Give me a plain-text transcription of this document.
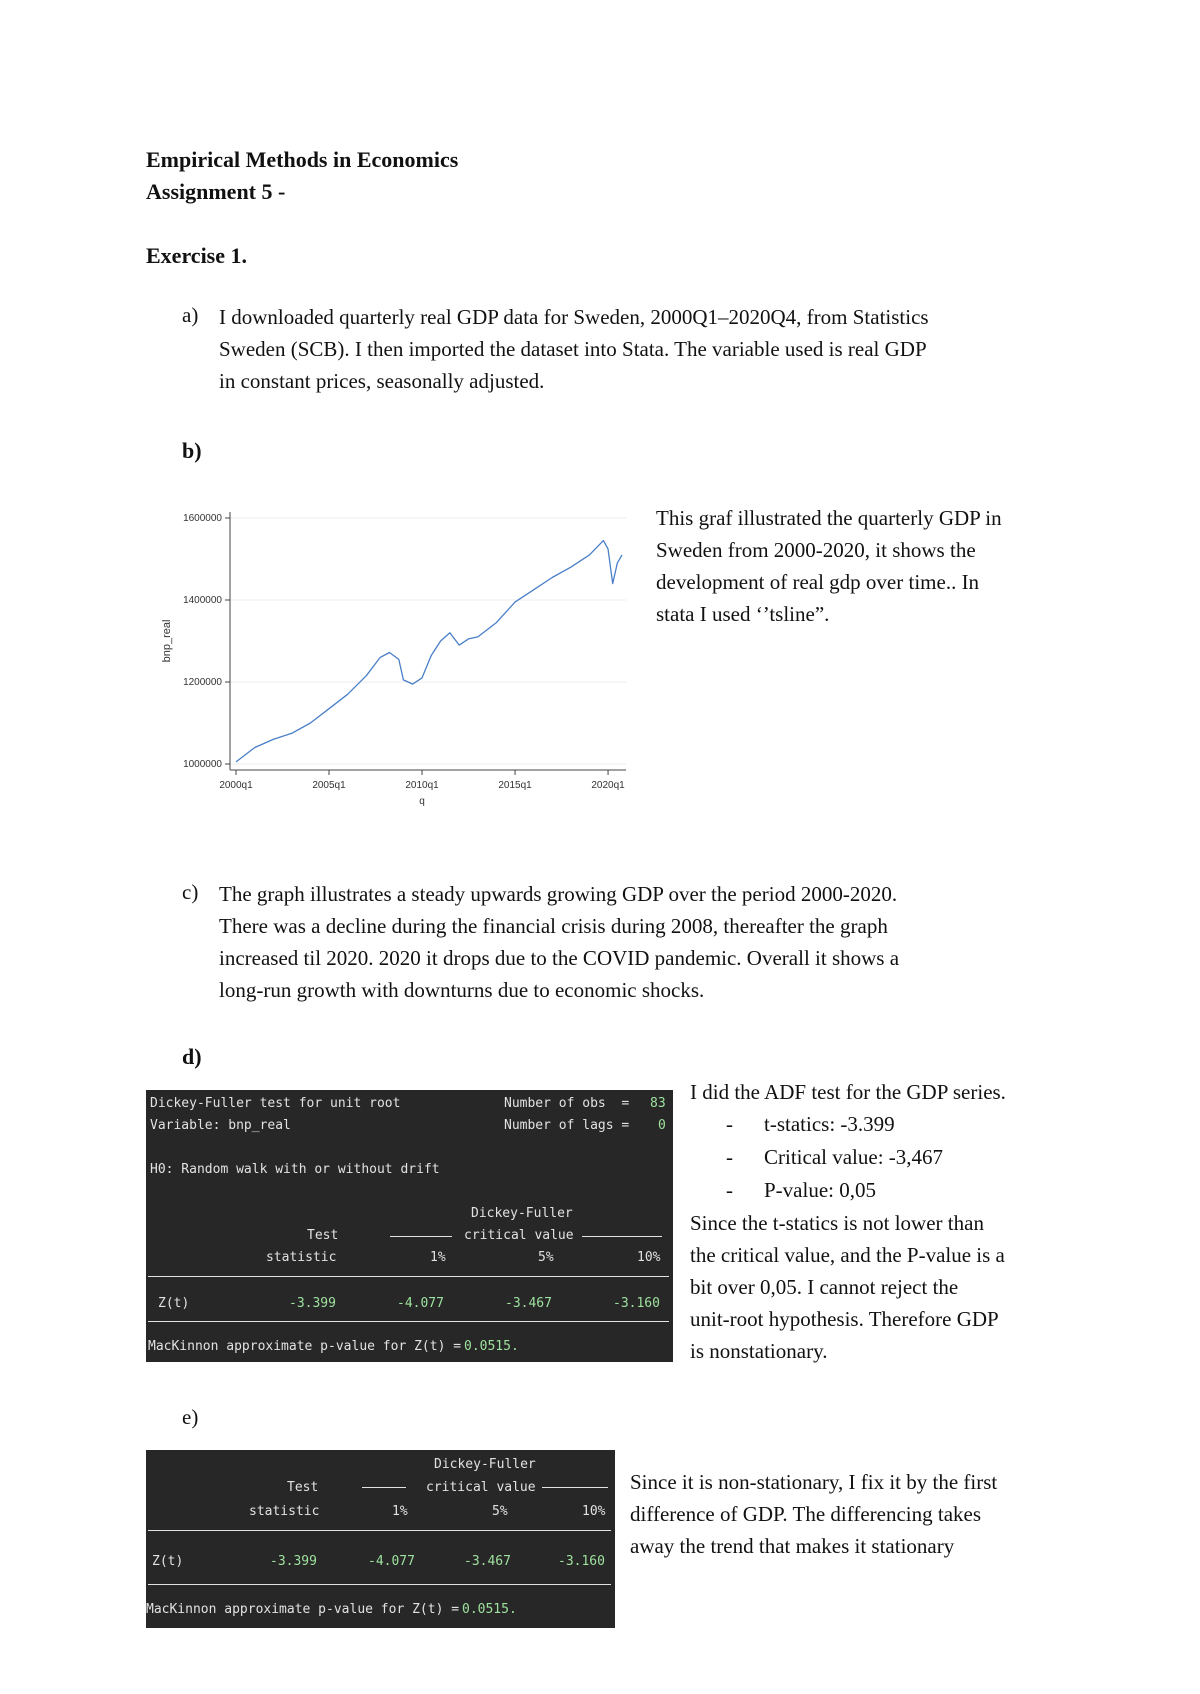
Empirical Methods in Economics
Assignment 5 -
Exercise 1.
a) I downloaded quarterly real GDP data for Sweden, 2000Q1–2020Q4, from Statistics
Sweden (SCB). I then imported the dataset into Stata. The variable used is real GDP
in constant prices, seasonally adjusted.
b)
1000000
1200000
1400000
1600000
2000q1	2005q1	2010q1	2015q1	2020q1
bnp_real
q
This graf illustrated the quarterly GDP in
Sweden from 2000-2020, it shows the
development of real gdp over time.. In
stata I used ‘’tsline”.
c) The graph illustrates a steady upwards growing GDP over the period 2000-2020.
There was a decline during the financial crisis during 2008, thereafter the graph
increased til 2020. 2020 it drops due to the COVID pandemic. Overall it shows a
long-run growth with downturns due to economic shocks.
d)
Dickey-Fuller test for unit root	Number of obs  = 83
Variable: bnp_real	Number of lags = 0
H0: Random walk with or without drift
Dickey-Fuller
critical value
Test
statistic	1%	5%	10%
Z(t)	-3.399	-4.077	-3.467	-3.160
MacKinnon approximate p-value for Z(t) = 0.0515.
I did the ADF test for the GDP series.
- t-statics: -3.399
- Critical value: -3,467
- P-value: 0,05
Since the t-statics is not lower than
the critical value, and the P-value is a
bit over 0,05. I cannot reject the
unit-root hypothesis. Therefore GDP
is nonstationary.
e)
Dickey-Fuller
critical value
Test
statistic	1%	5%	10%
Z(t)	-3.399	-4.077	-3.467	-3.160
MacKinnon approximate p-value for Z(t) = 0.0515.
Since it is non-stationary, I fix it by the first
difference of GDP. The differencing takes
away the trend that makes it stationary
